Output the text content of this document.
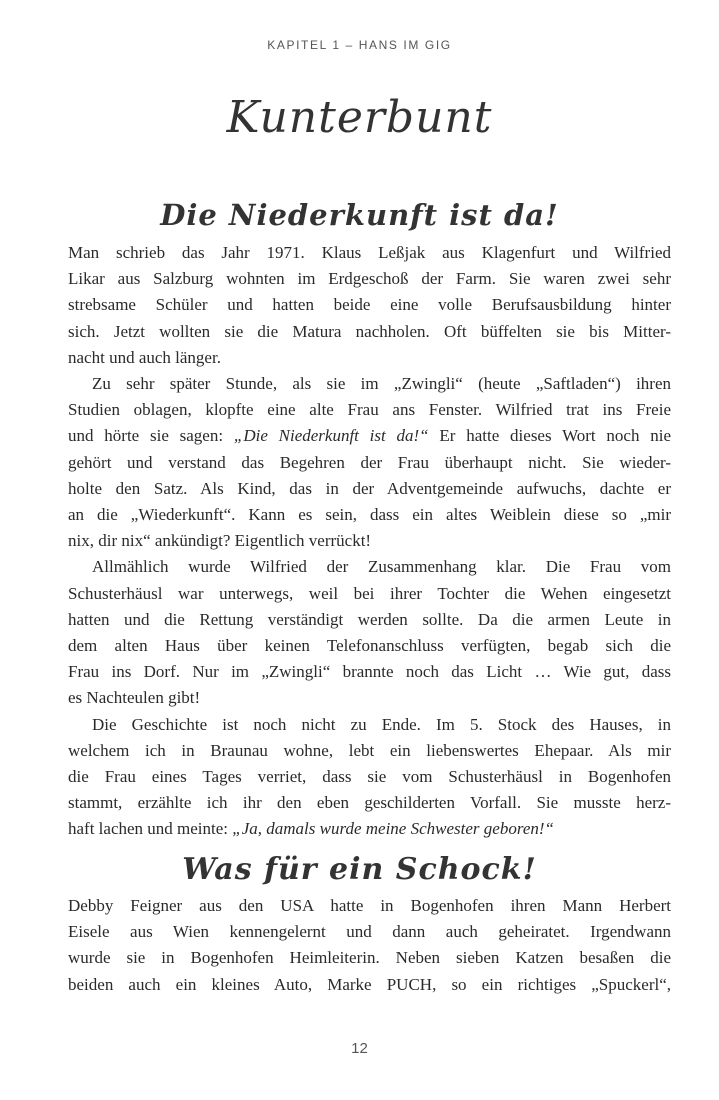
KAPITEL 1 – HANS IM GIG
Kunterbunt
Die Niederkunft ist da!

Man schrieb das Jahr 1971. Klaus Leßjak aus Klagenfurt und Wilfried
Likar aus Salzburg wohnten im Erdgeschoß der Farm. Sie waren zwei sehr
strebsame Schüler und hatten beide eine volle Berufsausbildung hinter
sich. Jetzt wollten sie die Matura nachholen. Oft büffelten sie bis Mitter-
nacht und auch länger.

Zu sehr später Stunde, als sie im „Zwingli“ (heute „Saftladen“) ihren
Studien oblagen, klopfte eine alte Frau ans Fenster. Wilfried trat ins Freie
und hörte sie sagen: „Die Niederkunft ist da!“ Er hatte dieses Wort noch nie
gehört und verstand das Begehren der Frau überhaupt nicht. Sie wieder-
holte den Satz. Als Kind, das in der Adventgemeinde aufwuchs, dachte er
an die „Wiederkunft“. Kann es sein, dass ein altes Weiblein diese so „mir
nix, dir nix“ ankündigt? Eigentlich verrückt!

Allmählich wurde Wilfried der Zusammenhang klar. Die Frau vom
Schusterhäusl war unterwegs, weil bei ihrer Tochter die Wehen eingesetzt
hatten und die Rettung verständigt werden sollte. Da die armen Leute in
dem alten Haus über keinen Telefonanschluss verfügten, begab sich die
Frau ins Dorf. Nur im „Zwingli“ brannte noch das Licht … Wie gut, dass
es Nachteulen gibt!

Die Geschichte ist noch nicht zu Ende. Im 5. Stock des Hauses, in
welchem ich in Braunau wohne, lebt ein liebenswertes Ehepaar. Als mir
die Frau eines Tages verriet, dass sie vom Schusterhäusl in Bogenhofen
stammt, erzählte ich ihr den eben geschilderten Vorfall. Sie musste herz-
haft lachen und meinte: „Ja, damals wurde meine Schwester geboren!“

Was für ein Schock!

Debby Feigner aus den USA hatte in Bogenhofen ihren Mann Herbert
Eisele aus Wien kennengelernt und dann auch geheiratet. Irgendwann
wurde sie in Bogenhofen Heimleiterin. Neben sieben Katzen besaßen die
beiden auch ein kleines Auto, Marke PUCH, so ein richtiges „Spuckerl“,

12
